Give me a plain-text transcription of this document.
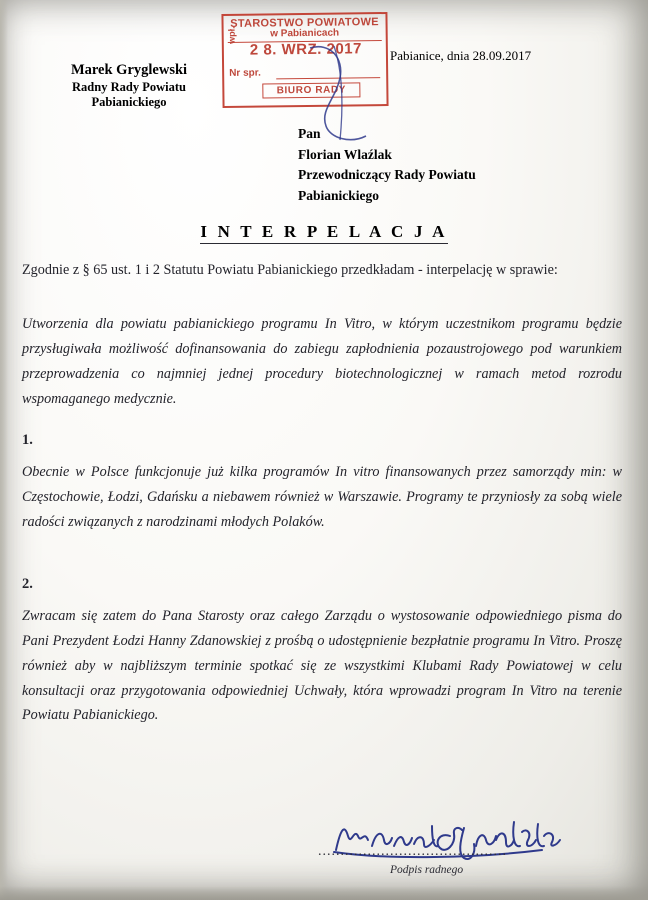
STAROSTWO POWIATOWE
w Pabianicach
wpł.
2 8. WRZ. 2017
Nr spr.
BIURO RADY
Marek Gryglewski
Radny Rady Powiatu
Pabianickiego
Pabianice, dnia 28.09.2017
Pan
Florian Wlaźlak
Przewodniczący Rady Powiatu
Pabianickiego
I N T E R P E L A C J A
Zgodnie z § 65 ust. 1 i 2 Statutu Powiatu Pabianickiego przedkładam - interpelację w sprawie:
Utworzenia dla powiatu pabianickiego programu In Vitro, w którym uczestnikom programu będzie przysługiwała możliwość dofinansowania do zabiegu zapłodnienia pozaustrojowego pod warunkiem przeprowadzenia co najmniej jednej procedury biotechnologicznej w ramach metod rozrodu wspomaganego medycznie.
1.
Obecnie w Polsce funkcjonuje już kilka programów In vitro finansowanych przez samorządy min: w Częstochowie, Łodzi, Gdańsku a niebawem również w Warszawie. Programy te przyniosły za sobą wiele radości związanych z narodzinami młodych Polaków.
2.
Zwracam się zatem do Pana Starosty oraz całego Zarządu o wystosowanie odpowiedniego pisma do Pani Prezydent Łodzi Hanny Zdanowskiej z prośbą o udostępnienie bezpłatnie programu In Vitro. Proszę również aby w najbliższym terminie spotkać się ze wszystkimi Klubami Rady Powiatowej w celu konsultacji oraz przygotowania odpowiedniej Uchwały, która wprowadzi program In Vitro na terenie Powiatu Pabianickiego.
..........................................
Podpis radnego
